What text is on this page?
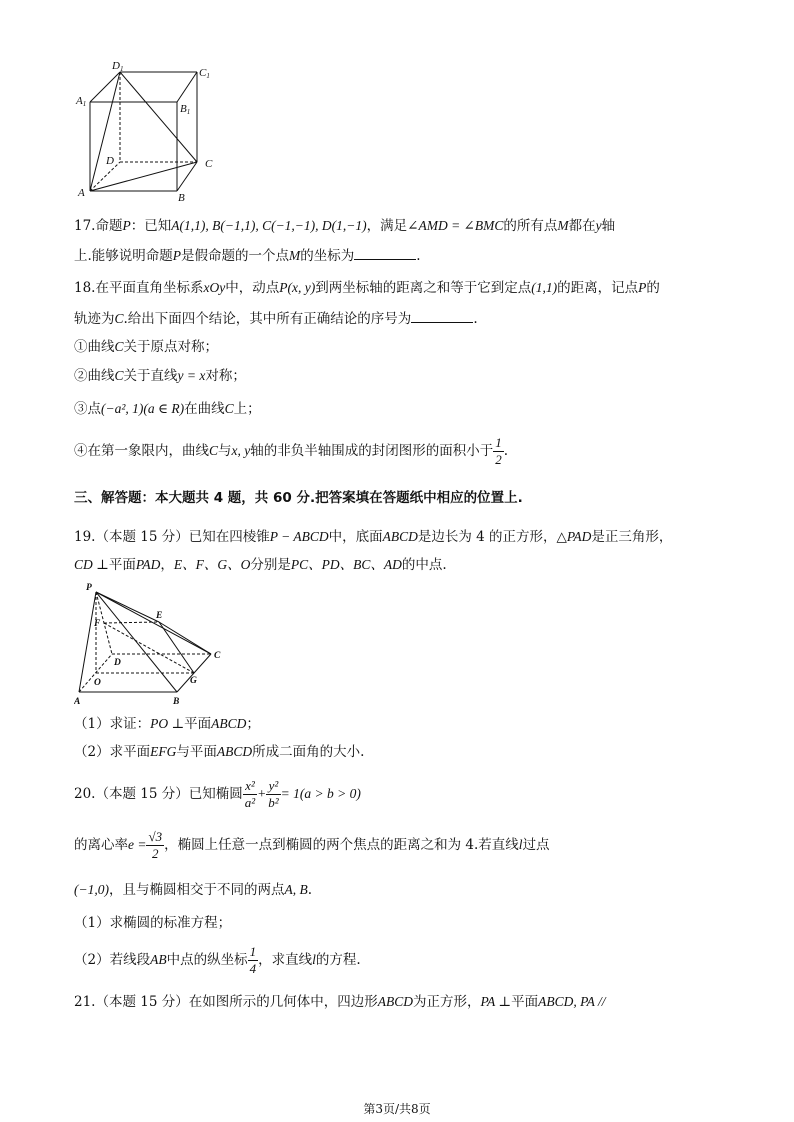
D1	C1
A1	B1
D	C
A	B
17.命题P：已知A(1,1), B(−1,1), C(−1,−1), D(1,−1)，满足∠AMD = ∠BMC的所有点M都在y轴
上.能够说明命题P是假命题的一个点M的坐标为	.
18.在平面直角坐标系xOy中，动点P(x, y)到两坐标轴的距离之和等于它到定点(1,1)的距离，记点P的
轨迹为C.给出下面四个结论，其中所有正确结论的序号为	.
①曲线C关于原点对称；
②曲线C关于直线y = x对称；
③点(−a², 1)(a ∈ R)在曲线C上；
④在第一象限内，曲线C与x, y轴的非负半轴围成的封闭图形的面积小于 $\frac{1}{2}$ .
三、解答题：本大题共 4 题，共 60 分.把答案填在答题纸中相应的位置上.
19.（本题 15 分）已知在四棱锥P − ABCD中，底面ABCD是边长为 4 的正方形，△PAD是正三角形，
CD ⊥平面PAD，E、F、G、O分别是PC、PD、BC、AD的中点.
P
E
F
D
C
O	G
A	B
（1）求证：PO ⊥平面ABCD；
（2）求平面EFG与平面ABCD所成二面角的大小.
20.（本题 15 分）已知椭圆 $\frac{\text{x²}}{\text{a²}} + \frac{\text{y²}}{\text{b²}} = 1(a > b > 0)$
的离心率$e = \frac{√3}{2}$ ，椭圆上任意一点到椭圆的两个焦点的距离之和为 4.若直线l过点
(−1,0)，且与椭圆相交于不同的两点A, B.
（1）求椭圆的标准方程；
（2）若线段AB中点的纵坐标 $\frac{1}{4}$ ，求直线l的方程.
21.（本题 15 分）在如图所示的几何体中，四边形ABCD为正方形，PA ⊥平面ABCD, PA //
第3页/共8页
